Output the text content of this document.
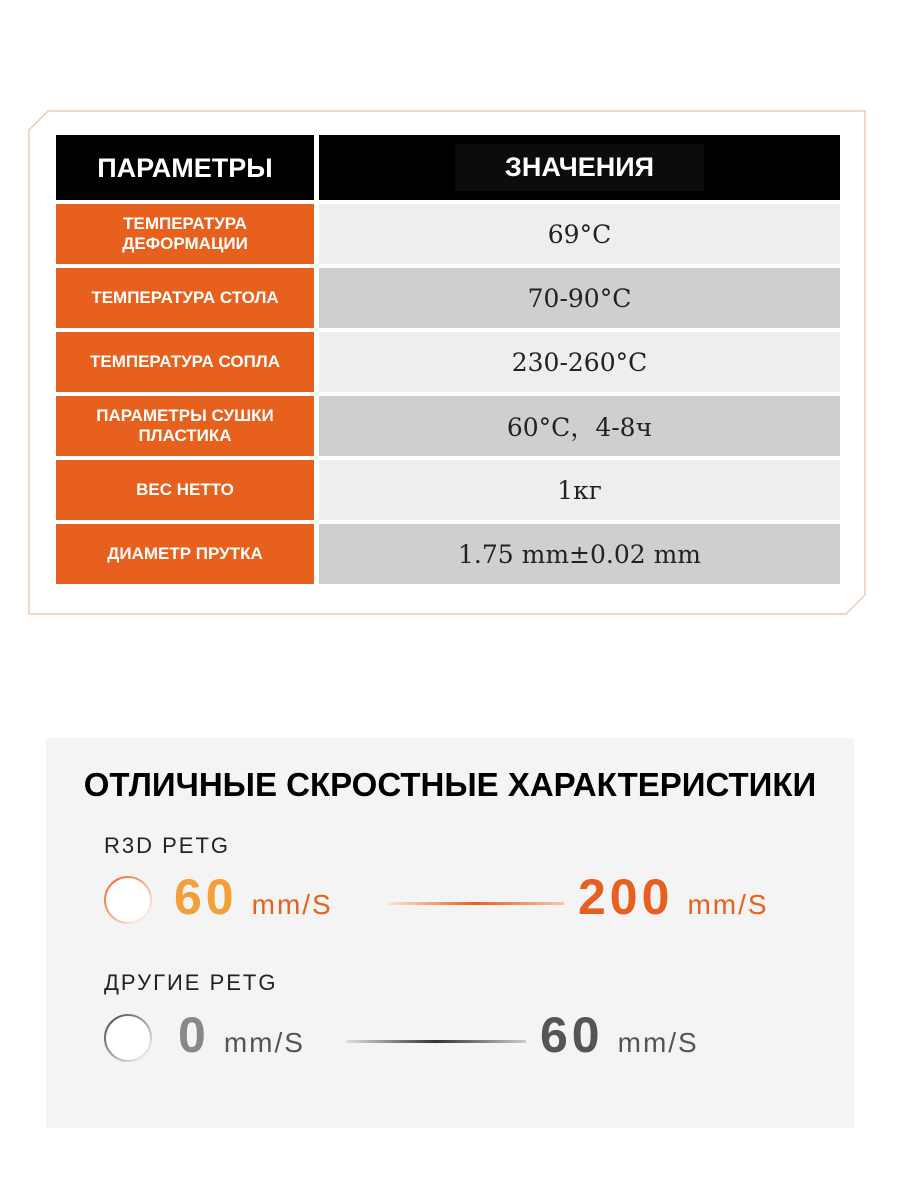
ПАРАМЕТРЫ	ЗНАЧЕНИЯ
ТЕМПЕРАТУРА ДЕФОРМАЦИИ	69°C
ТЕМПЕРАТУРА СТОЛА	70-90°C
ТЕМПЕРАТУРА СОПЛА	230-260°C
ПАРАМЕТРЫ СУШКИ ПЛАСТИКА	60°C，4-8ч
ВЕС НЕТТО	1кг
ДИАМЕТР ПРУТКА	1.75 mm±0.02 mm
ОТЛИЧНЫЕ СКРОСТНЫЕ ХАРАКТЕРИСТИКИ
R3D PETG
60 mm/S	200 mm/S
ДРУГИЕ PETG
0 mm/S	60 mm/S
